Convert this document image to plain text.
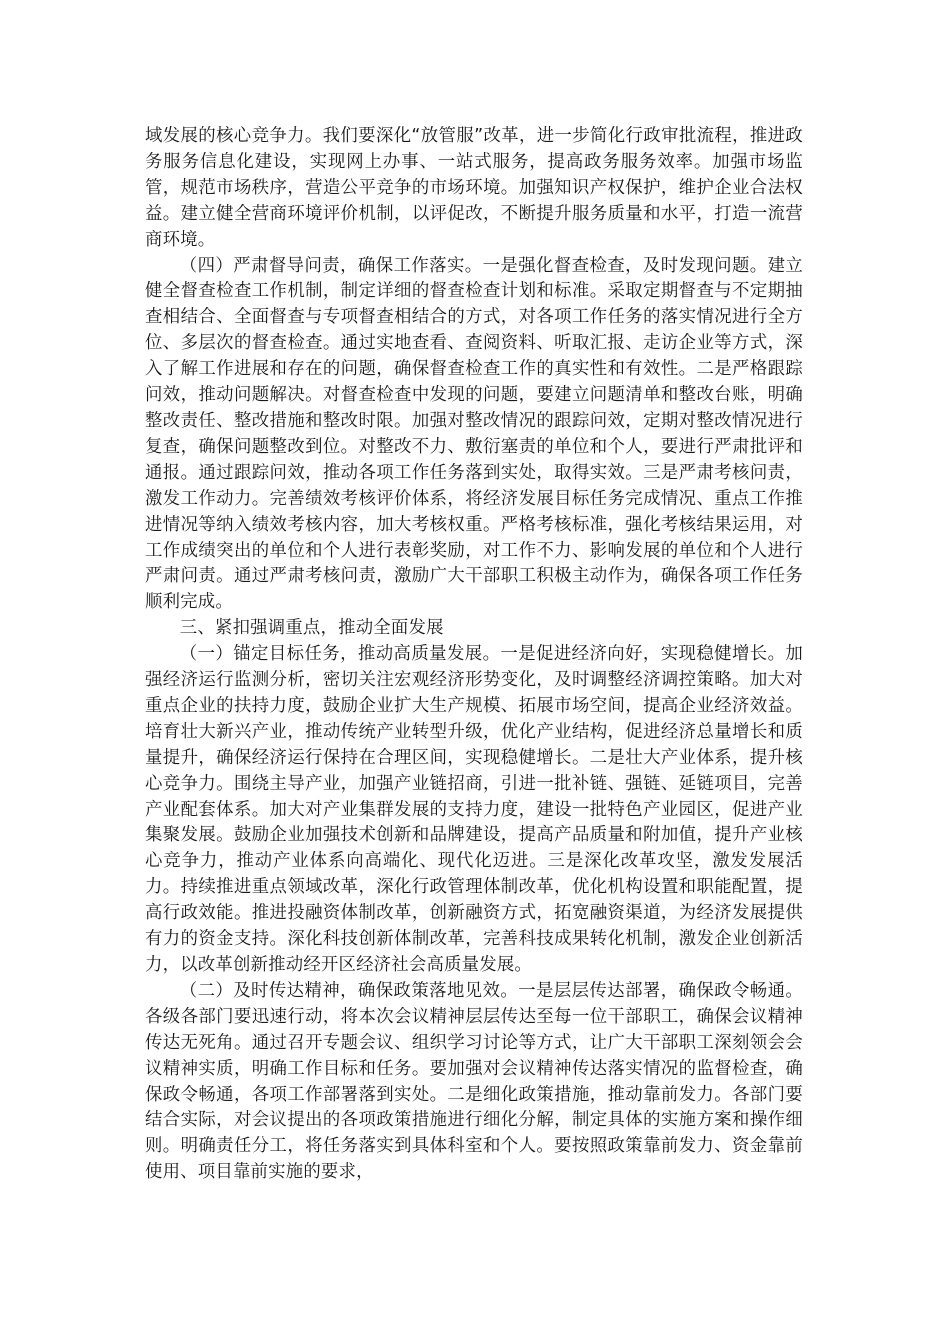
域发展的核心竞争力。我们要深化“放管服”改革，进一步简化行政审批流程，推进政务服务信息化建设，实现网上办事、一站式服务，提高政务服务效率。加强市场监管，规范市场秩序，营造公平竞争的市场环境。加强知识产权保护，维护企业合法权益。建立健全营商环境评价机制，以评促改，不断提升服务质量和水平，打造一流营商环境。

（四）严肃督导问责，确保工作落实。一是强化督查检查，及时发现问题。建立健全督查检查工作机制，制定详细的督查检查计划和标准。采取定期督查与不定期抽查相结合、全面督查与专项督查相结合的方式，对各项工作任务的落实情况进行全方位、多层次的督查检查。通过实地查看、查阅资料、听取汇报、走访企业等方式，深入了解工作进展和存在的问题，确保督查检查工作的真实性和有效性。二是严格跟踪问效，推动问题解决。对督查检查中发现的问题，要建立问题清单和整改台账，明确整改责任、整改措施和整改时限。加强对整改情况的跟踪问效，定期对整改情况进行复查，确保问题整改到位。对整改不力、敷衍塞责的单位和个人，要进行严肃批评和通报。通过跟踪问效，推动各项工作任务落到实处，取得实效。三是严肃考核问责，激发工作动力。完善绩效考核评价体系，将经济发展目标任务完成情况、重点工作推进情况等纳入绩效考核内容，加大考核权重。严格考核标准，强化考核结果运用，对工作成绩突出的单位和个人进行表彰奖励，对工作不力、影响发展的单位和个人进行严肃问责。通过严肃考核问责，激励广大干部职工积极主动作为，确保各项工作任务顺利完成。

三、紧扣强调重点，推动全面发展

（一）锚定目标任务，推动高质量发展。一是促进经济向好，实现稳健增长。加强经济运行监测分析，密切关注宏观经济形势变化，及时调整经济调控策略。加大对重点企业的扶持力度，鼓励企业扩大生产规模、拓展市场空间，提高企业经济效益。培育壮大新兴产业，推动传统产业转型升级，优化产业结构，促进经济总量增长和质量提升，确保经济运行保持在合理区间，实现稳健增长。二是壮大产业体系，提升核心竞争力。围绕主导产业，加强产业链招商，引进一批补链、强链、延链项目，完善产业配套体系。加大对产业集群发展的支持力度，建设一批特色产业园区，促进产业集聚发展。鼓励企业加强技术创新和品牌建设，提高产品质量和附加值，提升产业核心竞争力，推动产业体系向高端化、现代化迈进。三是深化改革攻坚，激发发展活力。持续推进重点领域改革，深化行政管理体制改革，优化机构设置和职能配置，提高行政效能。推进投融资体制改革，创新融资方式，拓宽融资渠道，为经济发展提供有力的资金支持。深化科技创新体制改革，完善科技成果转化机制，激发企业创新活力，以改革创新推动经开区经济社会高质量发展。

（二）及时传达精神，确保政策落地见效。一是层层传达部署，确保政令畅通。各级各部门要迅速行动，将本次会议精神层层传达至每一位干部职工，确保会议精神传达无死角。通过召开专题会议、组织学习讨论等方式，让广大干部职工深刻领会会议精神实质，明确工作目标和任务。要加强对会议精神传达落实情况的监督检查，确保政令畅通，各项工作部署落到实处。二是细化政策措施，推动靠前发力。各部门要结合实际，对会议提出的各项政策措施进行细化分解，制定具体的实施方案和操作细则。明确责任分工，将任务落实到具体科室和个人。要按照政策靠前发力、资金靠前使用、项目靠前实施的要求，
